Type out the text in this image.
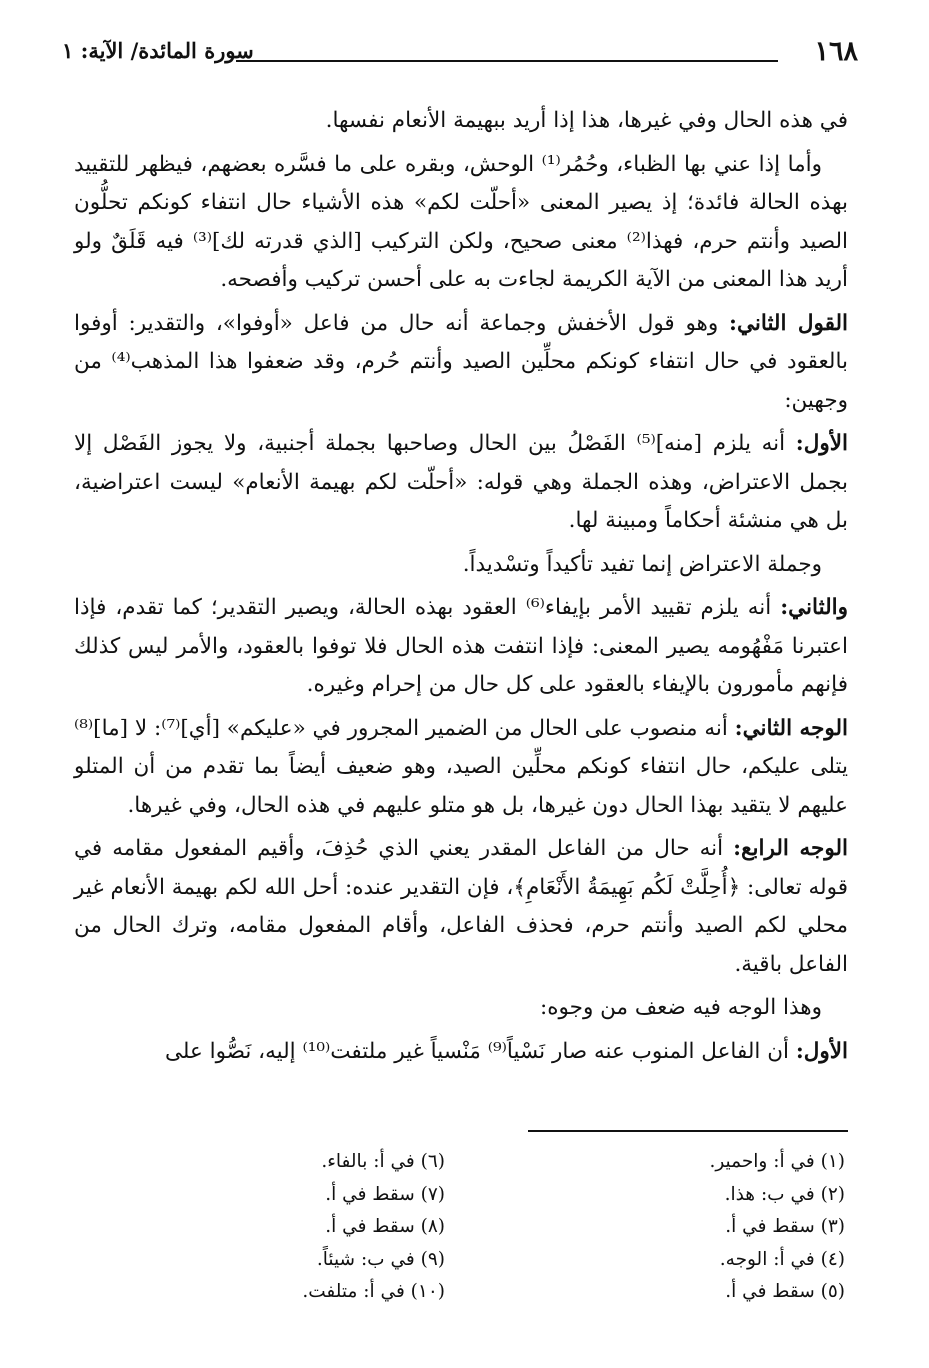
١٦٨
سورة المائدة/ الآية: ١

في هذه الحال وفي غيرها، هذا إذا أريد ببهيمة الأنعام نفسها.

وأما إذا عني بها الظباء، وحُمُر⁽¹⁾ الوحش، وبقره على ما فسَّره بعضهم، فيظهر للتقييد بهذه الحالة فائدة؛ إذ يصير المعنى «أحلّت لكم» هذه الأشياء حال انتفاء كونكم تحلُّون الصيد وأنتم حرم، فهذا⁽²⁾ معنى صحيح، ولكن التركيب [الذي قدرته لك]⁽³⁾ فيه قَلَقٌ ولو أريد هذا المعنى من الآية الكريمة لجاءت به على أحسن تركيب وأفصحه.

القول الثاني: وهو قول الأخفش وجماعة أنه حال من فاعل «أوفوا»، والتقدير: أوفوا بالعقود في حال انتفاء كونكم محلِّين الصيد وأنتم حُرم، وقد ضعفوا هذا المذهب⁽⁴⁾ من وجهين:

الأول: أنه يلزم [منه]⁽⁵⁾ الفَصْلُ بين الحال وصاحبها بجملة أجنبية، ولا يجوز الفَصْل إلا بجمل الاعتراض، وهذه الجملة وهي قوله: «أحلّت لكم بهيمة الأنعام» ليست اعتراضية، بل هي منشئة أحكاماً ومبينة لها.

وجملة الاعتراض إنما تفيد تأكيداً وتسْديداً.

والثاني: أنه يلزم تقييد الأمر بإيفاء⁽⁶⁾ العقود بهذه الحالة، ويصير التقدير؛ كما تقدم، فإذا اعتبرنا مَفْهُومه يصير المعنى: فإذا انتفت هذه الحال فلا توفوا بالعقود، والأمر ليس كذلك فإنهم مأمورون بالإيفاء بالعقود على كل حال من إحرام وغيره.

الوجه الثاني: أنه منصوب على الحال من الضمير المجرور في «عليكم» [أي]⁽⁷⁾: لا [ما]⁽⁸⁾ يتلى عليكم، حال انتفاء كونكم محلِّين الصيد، وهو ضعيف أيضاً بما تقدم من أن المتلو عليهم لا يتقيد بهذا الحال دون غيرها، بل هو متلو عليهم في هذه الحال، وفي غيرها.

الوجه الرابع: أنه حال من الفاعل المقدر يعني الذي حُذِفَ، وأقيم المفعول مقامه في قوله تعالى: ﴿أُحِلَّتْ لَكُم بَهِيمَةُ الأَنْعَامِ﴾، فإن التقدير عنده: أحل الله لكم بهيمة الأنعام غير محلي لكم الصيد وأنتم حرم، فحذف الفاعل، وأقام المفعول مقامه، وترك الحال من الفاعل باقية.

وهذا الوجه فيه ضعف من وجوه:

الأول: أن الفاعل المنوب عنه صار نَسْياً⁽⁹⁾ مَنْسياً غير ملتفت⁽¹⁰⁾ إليه، نَصُّوا على

(١) في أ: واحمير.
(٢) في ب: هذا.
(٣) سقط في أ.
(٤) في أ: الوجه.
(٥) سقط في أ.
(٦) في أ: بالفاء.
(٧) سقط في أ.
(٨) سقط في أ.
(٩) في ب: شيئاً.
(١٠) في أ: متلفت.
